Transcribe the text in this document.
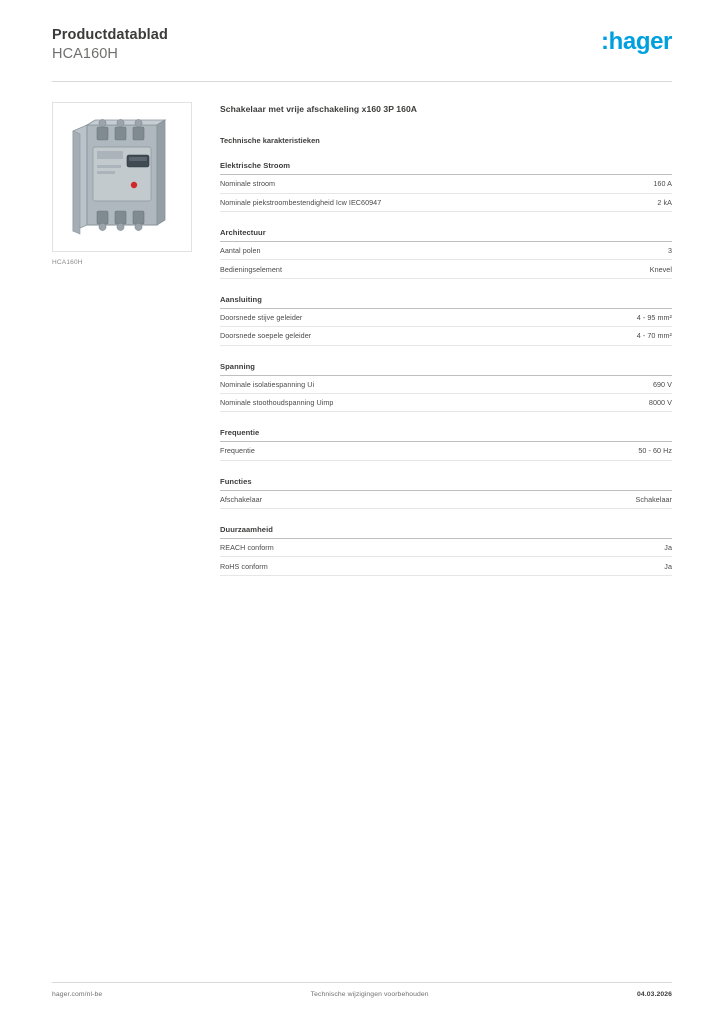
Productdatablad
HCA160H	:hager
HCA160H
Schakelaar met vrije afschakeling x160 3P 160A
Technische karakteristieken
Elektrische Stroom
Nominale stroom	160 A
Nominale piekstroombestendigheid Icw IEC60947	2 kA
Architectuur
Aantal polen	3
Bedieningselement	Knevel
Aansluiting
Doorsnede stijve geleider	4 - 95 mm²
Doorsnede soepele geleider	4 - 70 mm²
Spanning
Nominale isolatiespanning Ui	690 V
Nominale stoothoudspanning Uimp	8000 V
Frequentie
Frequentie	50 - 60 Hz
Functies
Afschakelaar	Schakelaar
Duurzaamheid
REACH conform	Ja
RoHS conform	Ja
hager.com/nl-be	Technische wijzigingen voorbehouden	04.03.2026
